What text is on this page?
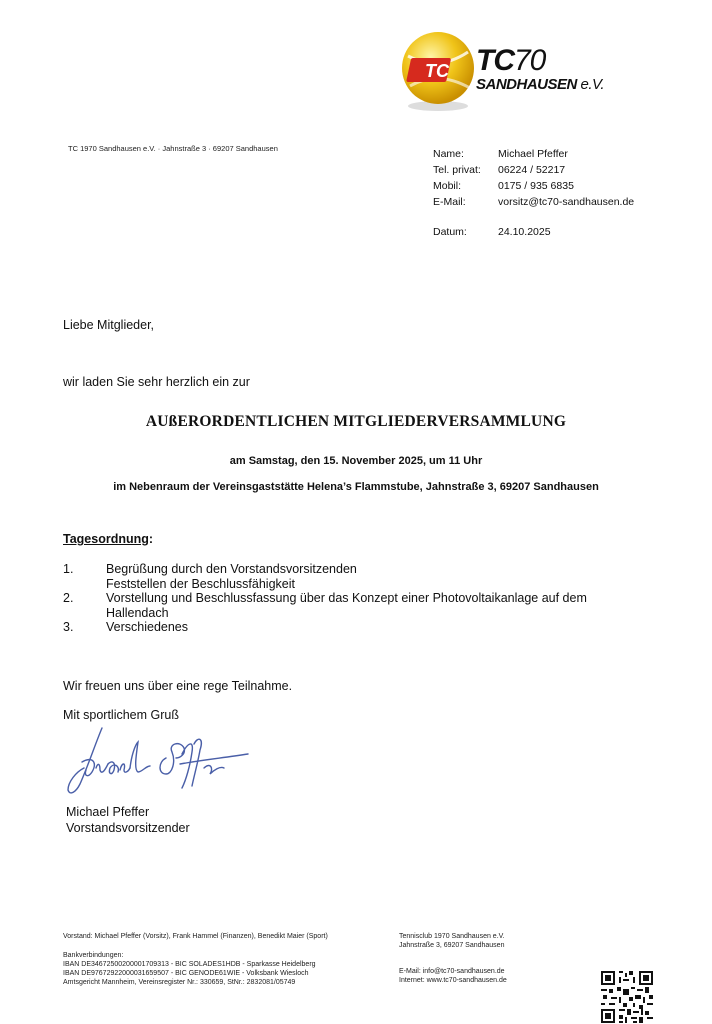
TC TC70
SANDHAUSEN e.V.
TC 1970 Sandhausen e.V. · Jahnstraße 3 · 69207 Sandhausen	Name:	Michael Pfeffer
Tel. privat:	06224 / 52217
Mobil:	0175 / 935 6835
E-Mail:	vorsitz@tc70-sandhausen.de
Datum:	24.10.2025
Liebe Mitglieder,
wir laden Sie sehr herzlich ein zur
AUßERORDENTLICHEN MITGLIEDERVERSAMMLUNG
am Samstag, den 15. November 2025, um 11 Uhr
im Nebenraum der Vereinsgaststätte Helena’s Flammstube, Jahnstraße 3, 69207 Sandhausen
Tagesordnung:
1.	Begrüßung durch den Vorstandsvorsitzenden
Feststellen der Beschlussfähigkeit
2.	Vorstellung und Beschlussfassung über das Konzept einer Photovoltaikanlage auf dem
Hallendach
3.	Verschiedenes
Wir freuen uns über eine rege Teilnahme.
Mit sportlichem Gruß
Michael Pfeffer
Vorstandsvorsitzender
Vorstand: Michael Pfeffer (Vorsitz), Frank Hammel (Finanzen), Benedikt Maier (Sport)
Bankverbindungen:
IBAN DE34672500200001709313 - BIC SOLADES1HDB - Sparkasse Heidelberg
IBAN DE97672922000031659507 - BIC GENODE61WIE - Volksbank Wiesloch
Amtsgericht Mannheim, Vereinsregister Nr.: 330659, StNr.: 2832081/05749
Tennisclub 1970 Sandhausen e.V.
Jahnstraße 3, 69207 Sandhausen
E-Mail: info@tc70-sandhausen.de
Internet: www.tc70-sandhausen.de
